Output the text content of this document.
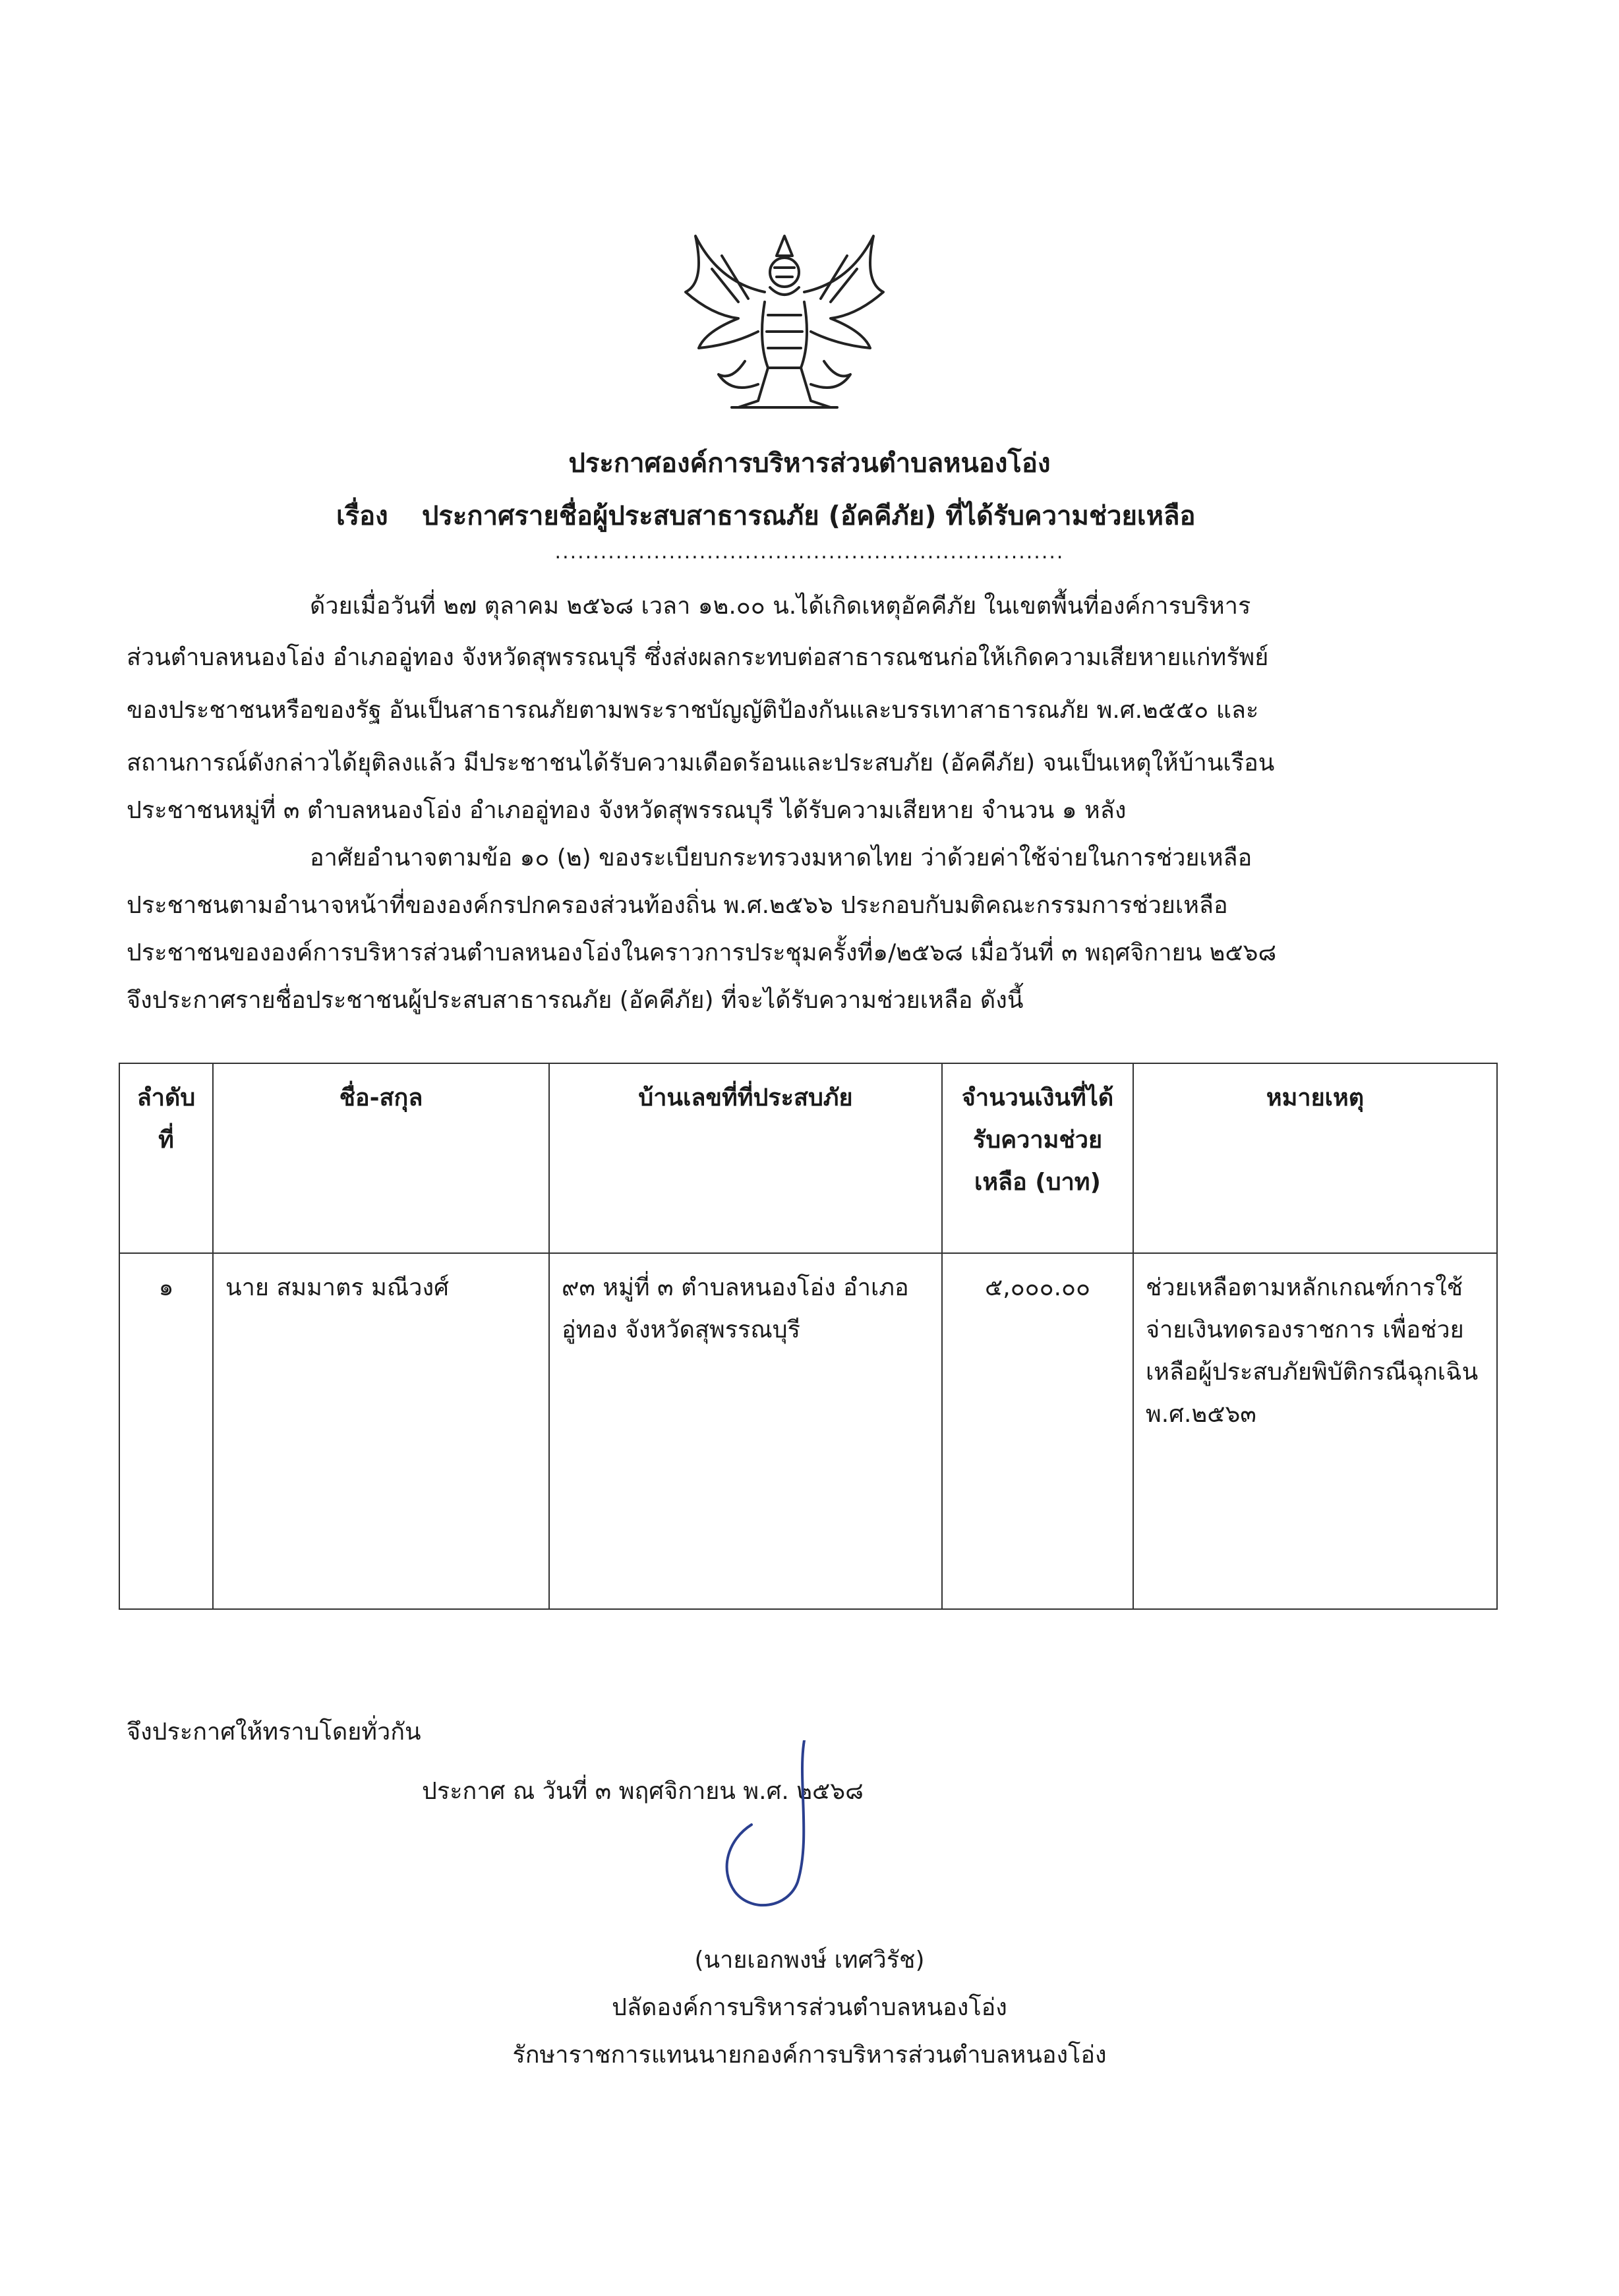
ประกาศองค์การบริหารส่วนตำบลหนองโอ่ง
เรื่อง ประกาศรายชื่อผู้ประสบสาธารณภัย (อัคคีภัย) ที่ได้รับความช่วยเหลือ
...................................................................
ด้วยเมื่อวันที่ ๒๗ ตุลาคม ๒๕๖๘ เวลา ๑๒.๐๐ น.ได้เกิดเหตุอัคคีภัย ในเขตพื้นที่องค์การบริหาร
ส่วนตำบลหนองโอ่ง อำเภออู่ทอง จังหวัดสุพรรณบุรี ซึ่งส่งผลกระทบต่อสาธารณชนก่อให้เกิดความเสียหายแก่ทรัพย์
ของประชาชนหรือของรัฐ อันเป็นสาธารณภัยตามพระราชบัญญัติป้องกันและบรรเทาสาธารณภัย พ.ศ.๒๕๕๐ และ
สถานการณ์ดังกล่าวได้ยุติลงแล้ว มีประชาชนได้รับความเดือดร้อนและประสบภัย (อัคคีภัย) จนเป็นเหตุให้บ้านเรือน
ประชาชนหมู่ที่ ๓ ตำบลหนองโอ่ง อำเภออู่ทอง จังหวัดสุพรรณบุรี ได้รับความเสียหาย จำนวน ๑ หลัง
อาศัยอำนาจตามข้อ ๑๐ (๒) ของระเบียบกระทรวงมหาดไทย ว่าด้วยค่าใช้จ่ายในการช่วยเหลือ
ประชาชนตามอำนาจหน้าที่ขององค์กรปกครองส่วนท้องถิ่น พ.ศ.๒๕๖๖ ประกอบกับมติคณะกรรมการช่วยเหลือ
ประชาชนขององค์การบริหารส่วนตำบลหนองโอ่งในคราวการประชุมครั้งที่๑/๒๕๖๘ เมื่อวันที่ ๓ พฤศจิกายน ๒๕๖๘
จึงประกาศรายชื่อประชาชนผู้ประสบสาธารณภัย (อัคคีภัย) ที่จะได้รับความช่วยเหลือ ดังนี้
ลำดับที่	ชื่อ-สกุล	บ้านเลขที่ที่ประสบภัย	จำนวนเงินที่ได้รับความช่วยเหลือ (บาท)	หมายเหตุ
๑	นาย สมมาตร มณีวงศ์	๙๓ หมู่ที่ ๓ ตำบลหนองโอ่ง อำเภออู่ทอง จังหวัดสุพรรณบุรี	๕,๐๐๐.๐๐	ช่วยเหลือตามหลักเกณฑ์การใช้จ่ายเงินทดรองราชการ เพื่อช่วยเหลือผู้ประสบภัยพิบัติกรณีฉุกเฉิน พ.ศ.๒๕๖๓
จึงประกาศให้ทราบโดยทั่วกัน
ประกาศ ณ วันที่ ๓ พฤศจิกายน พ.ศ. ๒๕๖๘
(นายเอกพงษ์ เทศวิรัช)
ปลัดองค์การบริหารส่วนตำบลหนองโอ่ง
รักษาราชการแทนนายกองค์การบริหารส่วนตำบลหนองโอ่ง
